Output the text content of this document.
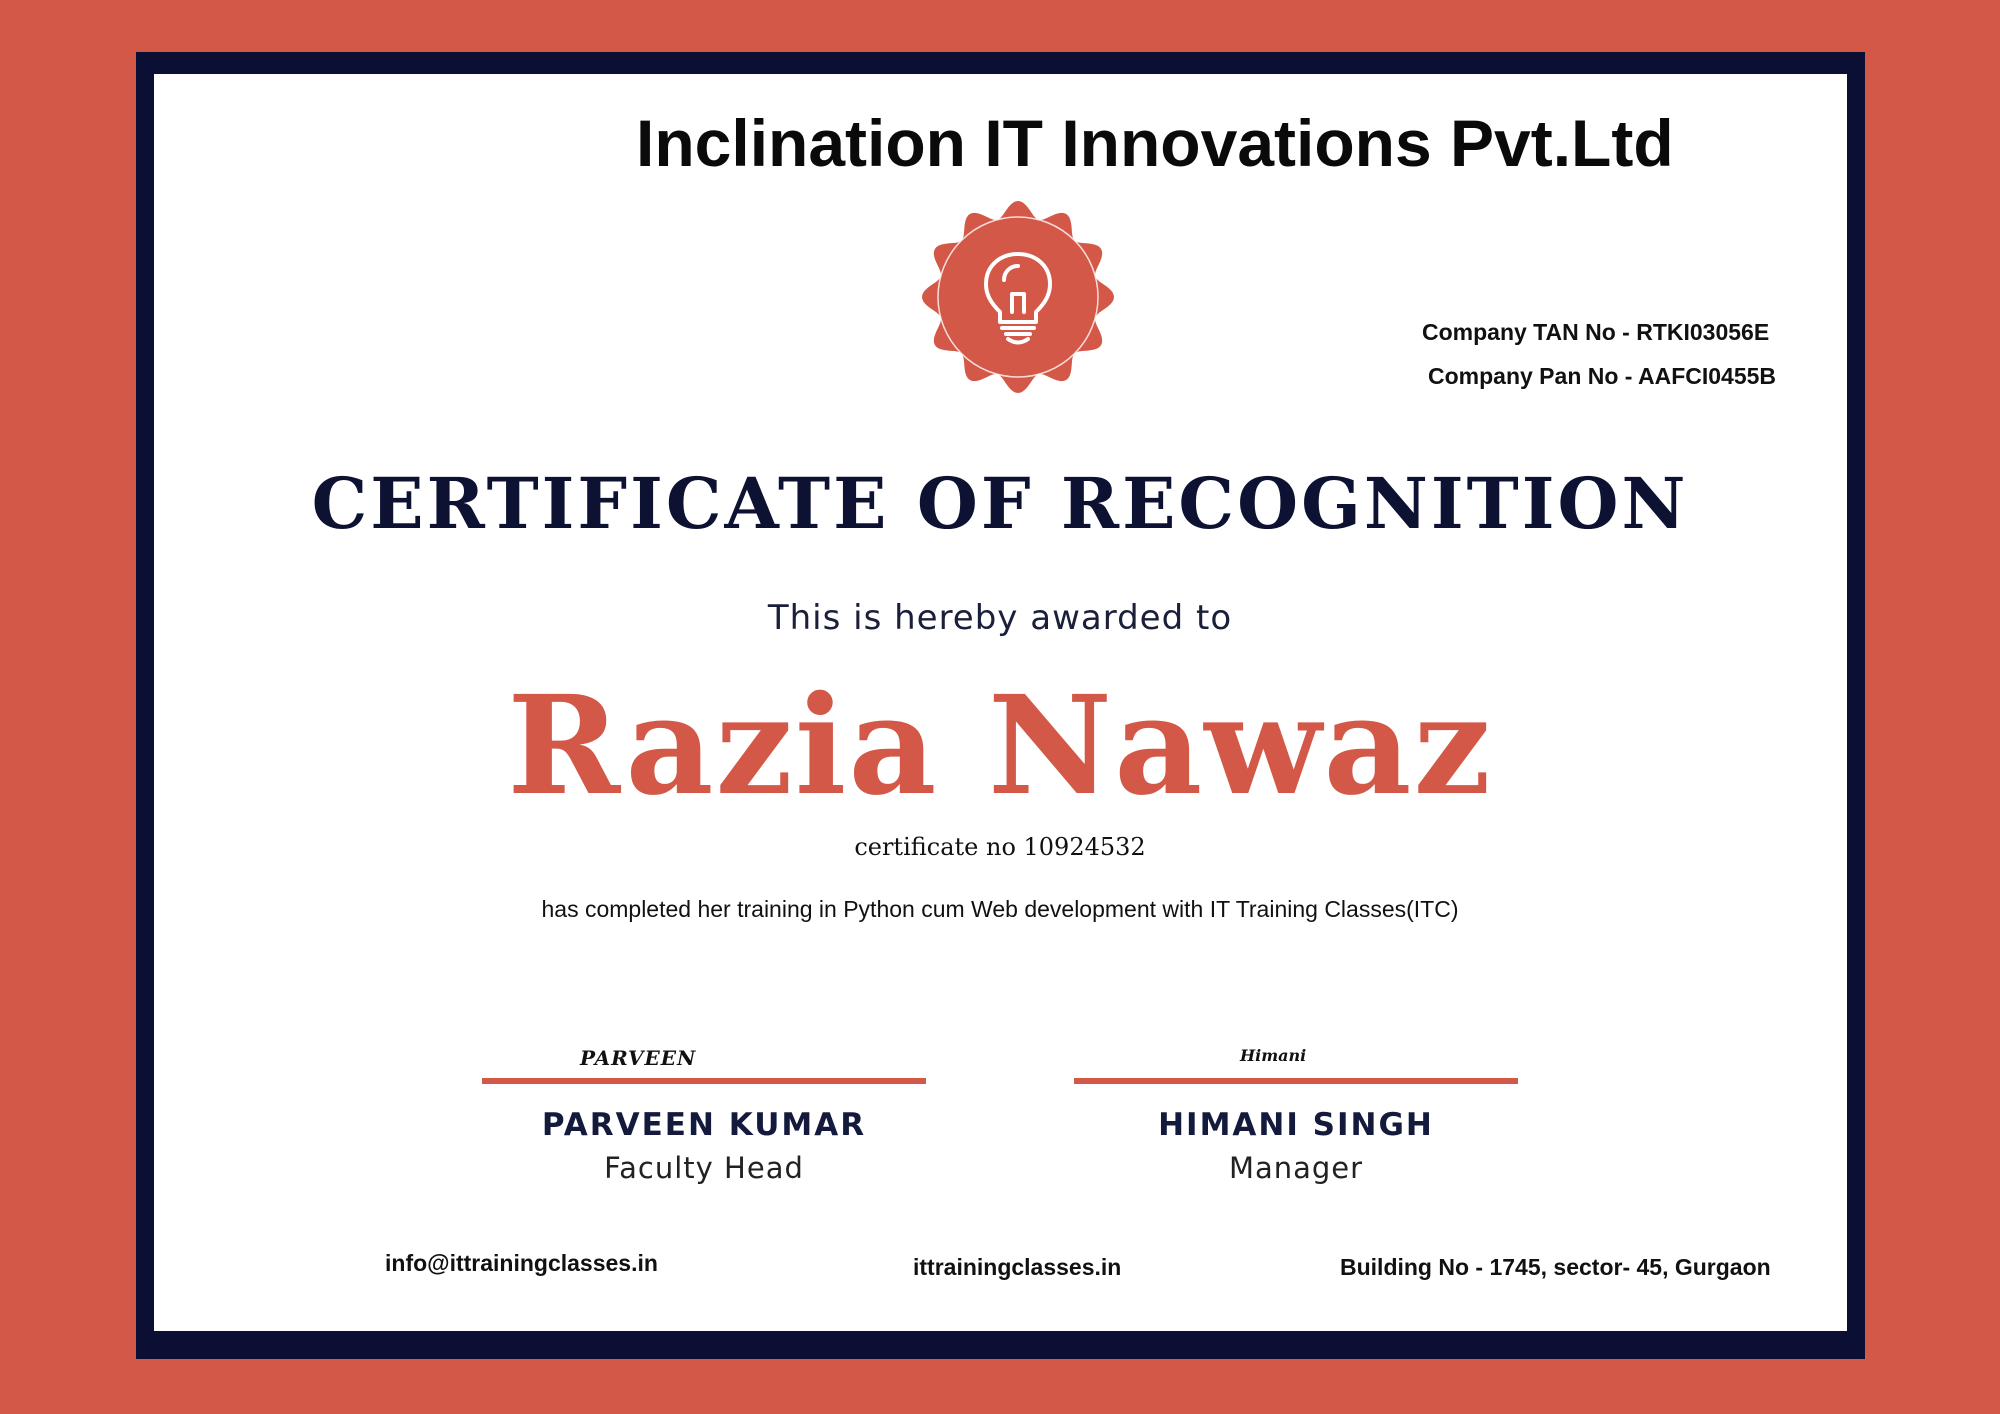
Inclination IT Innovations Pvt.Ltd
Company TAN No - RTKI03056E
Company Pan No - AAFCI0455B
CERTIFICATE OF RECOGNITION
This is hereby awarded to
Razia Nawaz
certificate no 10924532
has completed her training in Python cum Web development with IT Training Classes(ITC)
PARVEEN
PARVEEN KUMAR
Faculty Head
Himani
HIMANI SINGH
Manager
info@ittrainingclasses.in	ittrainingclasses.in	Building No - 1745, sector- 45, Gurgaon
